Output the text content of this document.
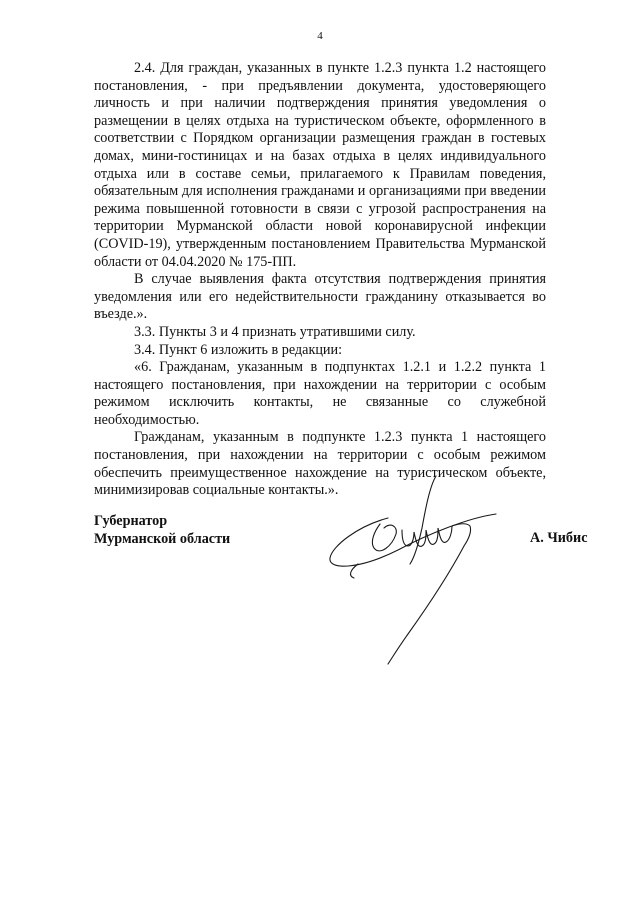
4

2.4. Для граждан, указанных в пункте 1.2.3 пункта 1.2 настоящего постановления, - при предъявлении документа, удостоверяющего личность и при наличии подтверждения принятия уведомления о размещении в целях отдыха на туристическом объекте, оформленного в соответствии с Порядком организации размещения граждан в гостевых домах, мини-гостиницах и на базах отдыха в целях индивидуального отдыха или в составе семьи, прилагаемого к Правилам поведения, обязательным для исполнения гражданами и организациями при введении режима повышенной готовности в связи с угрозой распространения на территории Мурманской области новой коронавирусной инфекции (COVID-19), утвержденным постановлением Правительства Мурманской области от 04.04.2020 № 175-ПП.

В случае выявления факта отсутствия подтверждения принятия уведомления или его недействительности гражданину отказывается во въезде.».

3.3. Пункты 3 и 4 признать утратившими силу.

3.4. Пункт 6 изложить в редакции:

«6. Гражданам, указанным в подпунктах 1.2.1 и 1.2.2 пункта 1 настоящего постановления, при нахождении на территории с особым режимом исключить контакты, не связанные со служебной необходимостью.

Гражданам, указанным в подпункте 1.2.3 пункта 1 настоящего постановления, при нахождении на территории с особым режимом обеспечить преимущественное нахождение на туристическом объекте, минимизировав социальные контакты.».

Губернатор
Мурманской области	А. Чибис
